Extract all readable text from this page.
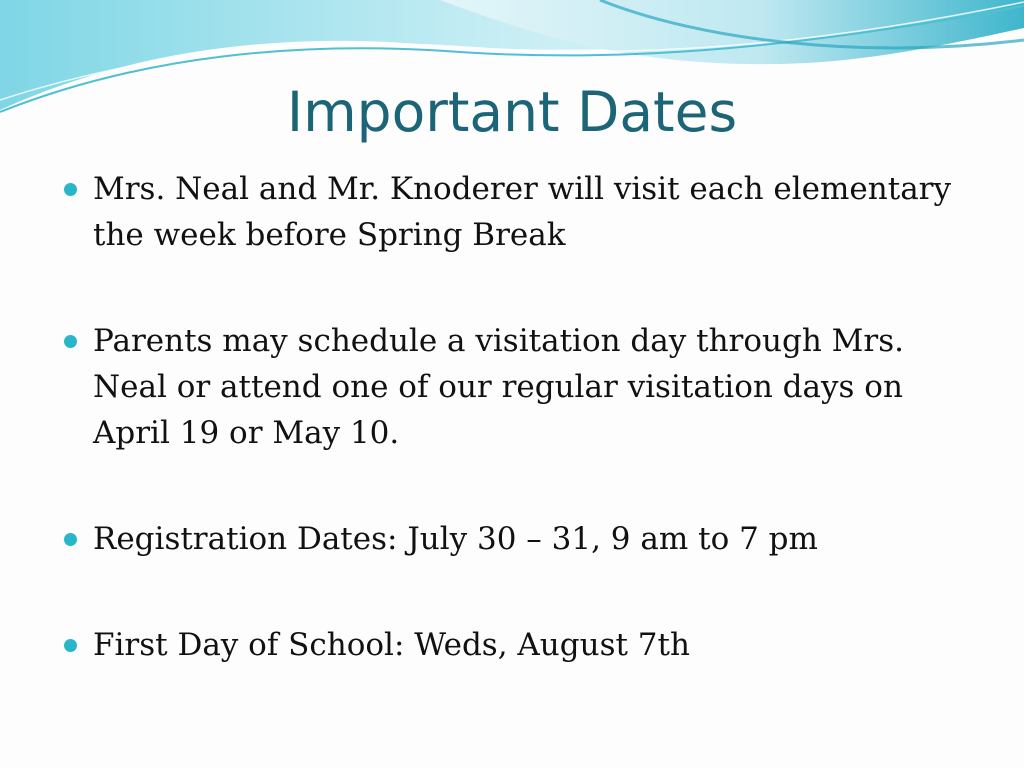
Important Dates
Mrs. Neal and Mr. Knoderer will visit each elementary the week before Spring Break
Parents may schedule a visitation day through Mrs. Neal or attend one of our regular visitation days on April 19 or May 10.
Registration Dates: July 30 – 31, 9 am to 7 pm
First Day of School: Weds, August 7th
